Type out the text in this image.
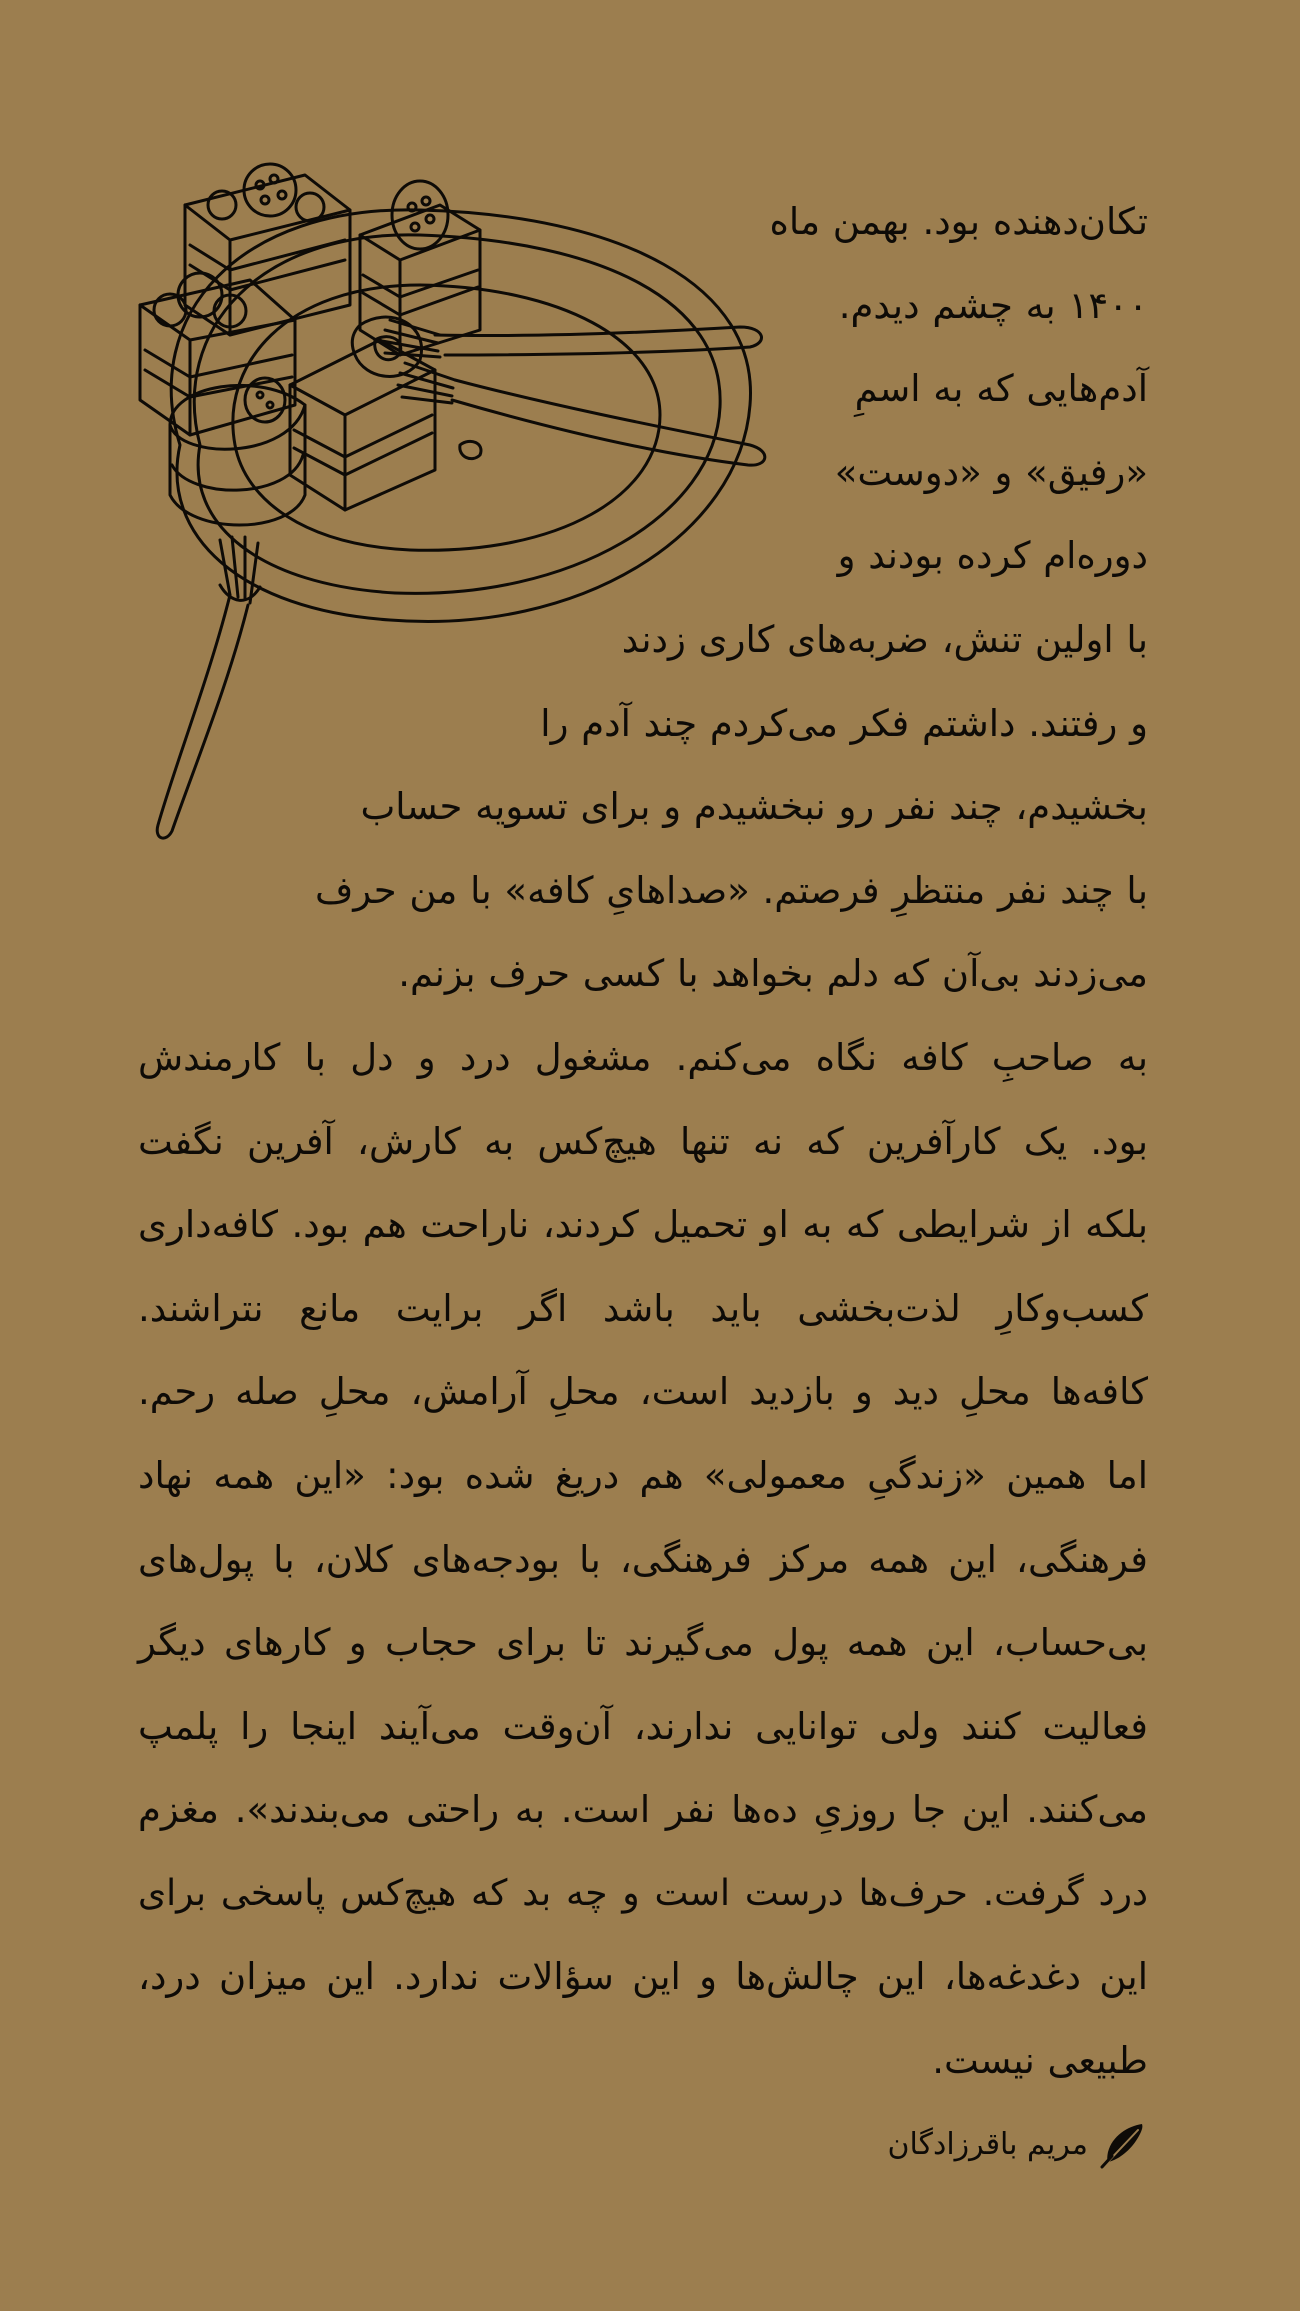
تکان‌دهنده بود. بهمن ماه
۱۴۰۰ به چشم دیدم.
آدم‌هایی که به اسمِ
«رفیق» و «دوست»
دوره‌ام کرده بودند و
با اولین تنش، ضربه‌های کاری زدند
و رفتند. داشتم فکر می‌کردم چند آدم را
بخشیدم، چند نفر رو نبخشیدم و برای تسویه حساب
با چند نفر منتظرِ فرصتم. «صداهایِ کافه» با من حرف
می‌زدند بی‌آن که دلم بخواهد با کسی حرف بزنم.
به صاحبِ کافه نگاه می‌کنم. مشغول درد و دل با کارمندش
بود. یک کارآفرین که نه تنها هیچ‌کس به کارش، آفرین نگفت
بلکه از شرایطی که به او تحمیل کردند، ناراحت هم بود. کافه‌داری
کسب‌وکارِ لذت‌بخشی باید باشد اگر برایت مانع نتراشند.
کافه‌ها محلِ دید و بازدید است، محلِ آرامش، محلِ صله رحم.
اما همین «زندگیِ معمولی» هم دریغ شده بود: «این همه نهاد
فرهنگی، این همه مرکز فرهنگی، با بودجه‌های کلان، با پول‌های
بی‌حساب، این همه پول می‌گیرند تا برای حجاب و کارهای دیگر
فعالیت کنند ولی توانایی ندارند، آن‌وقت می‌آیند اینجا را پلمپ
می‌کنند. این جا روزیِ ده‌ها نفر است. به راحتی می‌بندند». مغزم
درد گرفت. حرف‌ها درست است و چه بد که هیچ‌کس پاسخی برای
این دغدغه‌ها، این چالش‌ها و این سؤالات ندارد. این میزان درد،
طبیعی نیست.
مریم باقرزادگان
